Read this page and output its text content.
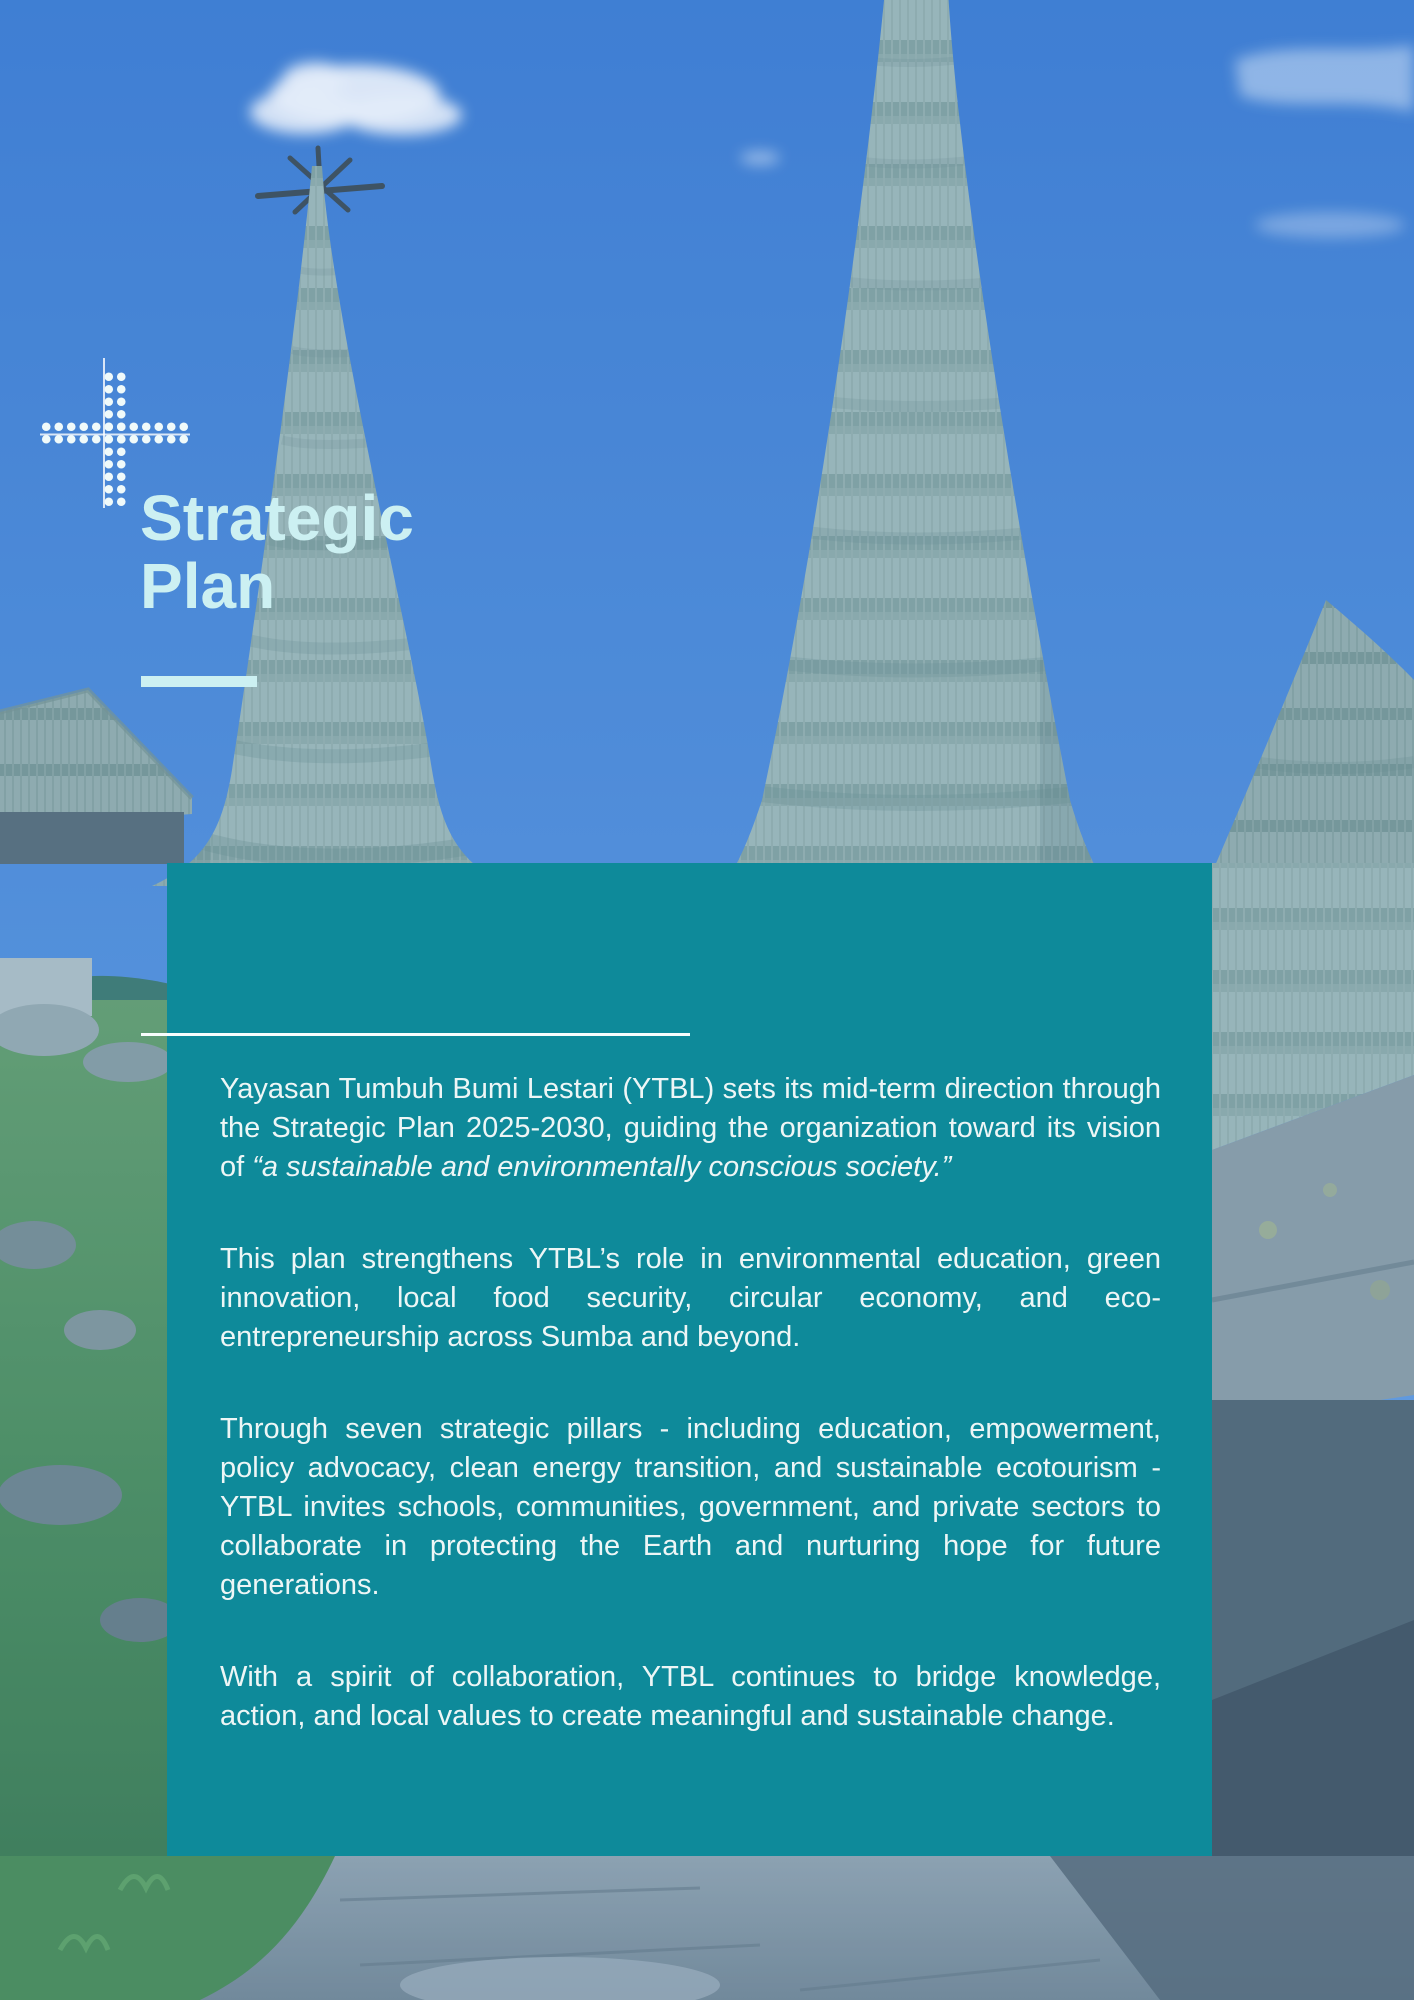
Strategic
Plan

Yayasan Tumbuh Bumi Lestari (YTBL) sets its mid-term direction through the Strategic Plan 2025-2030, guiding the organization toward its vision of “a sustainable and environmentally conscious society.”

This plan strengthens YTBL’s role in environmental education, green innovation, local food security, circular economy, and eco-entrepreneurship across Sumba and beyond.

Through seven strategic pillars - including education, empowerment, policy advocacy, clean energy transition, and sustainable ecotourism - YTBL invites schools, communities, government, and private sectors to collaborate in protecting the Earth and nurturing hope for future generations.

With a spirit of collaboration, YTBL continues to bridge knowledge, action, and local values to create meaningful and sustainable change.
